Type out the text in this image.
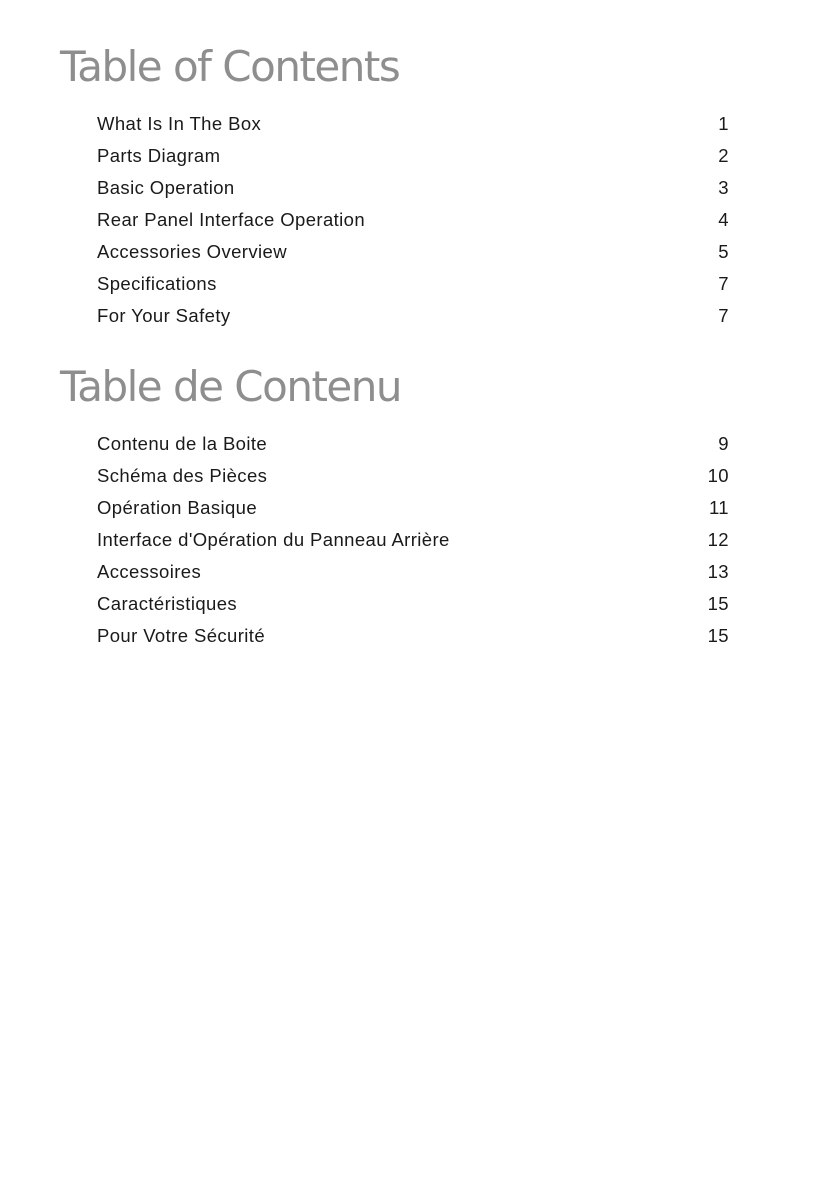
Table of Contents
What Is In The Box	1
Parts Diagram	2
Basic Operation	3
Rear Panel Interface Operation	4
Accessories Overview	5
Specifications	7
For Your Safety	7
Table de Contenu
Contenu de la Boite	9
Schéma des Pièces	10
Opération Basique	11
Interface d'Opération du Panneau Arrière	12
Accessoires	13
Caractéristiques	15
Pour Votre Sécurité	15
